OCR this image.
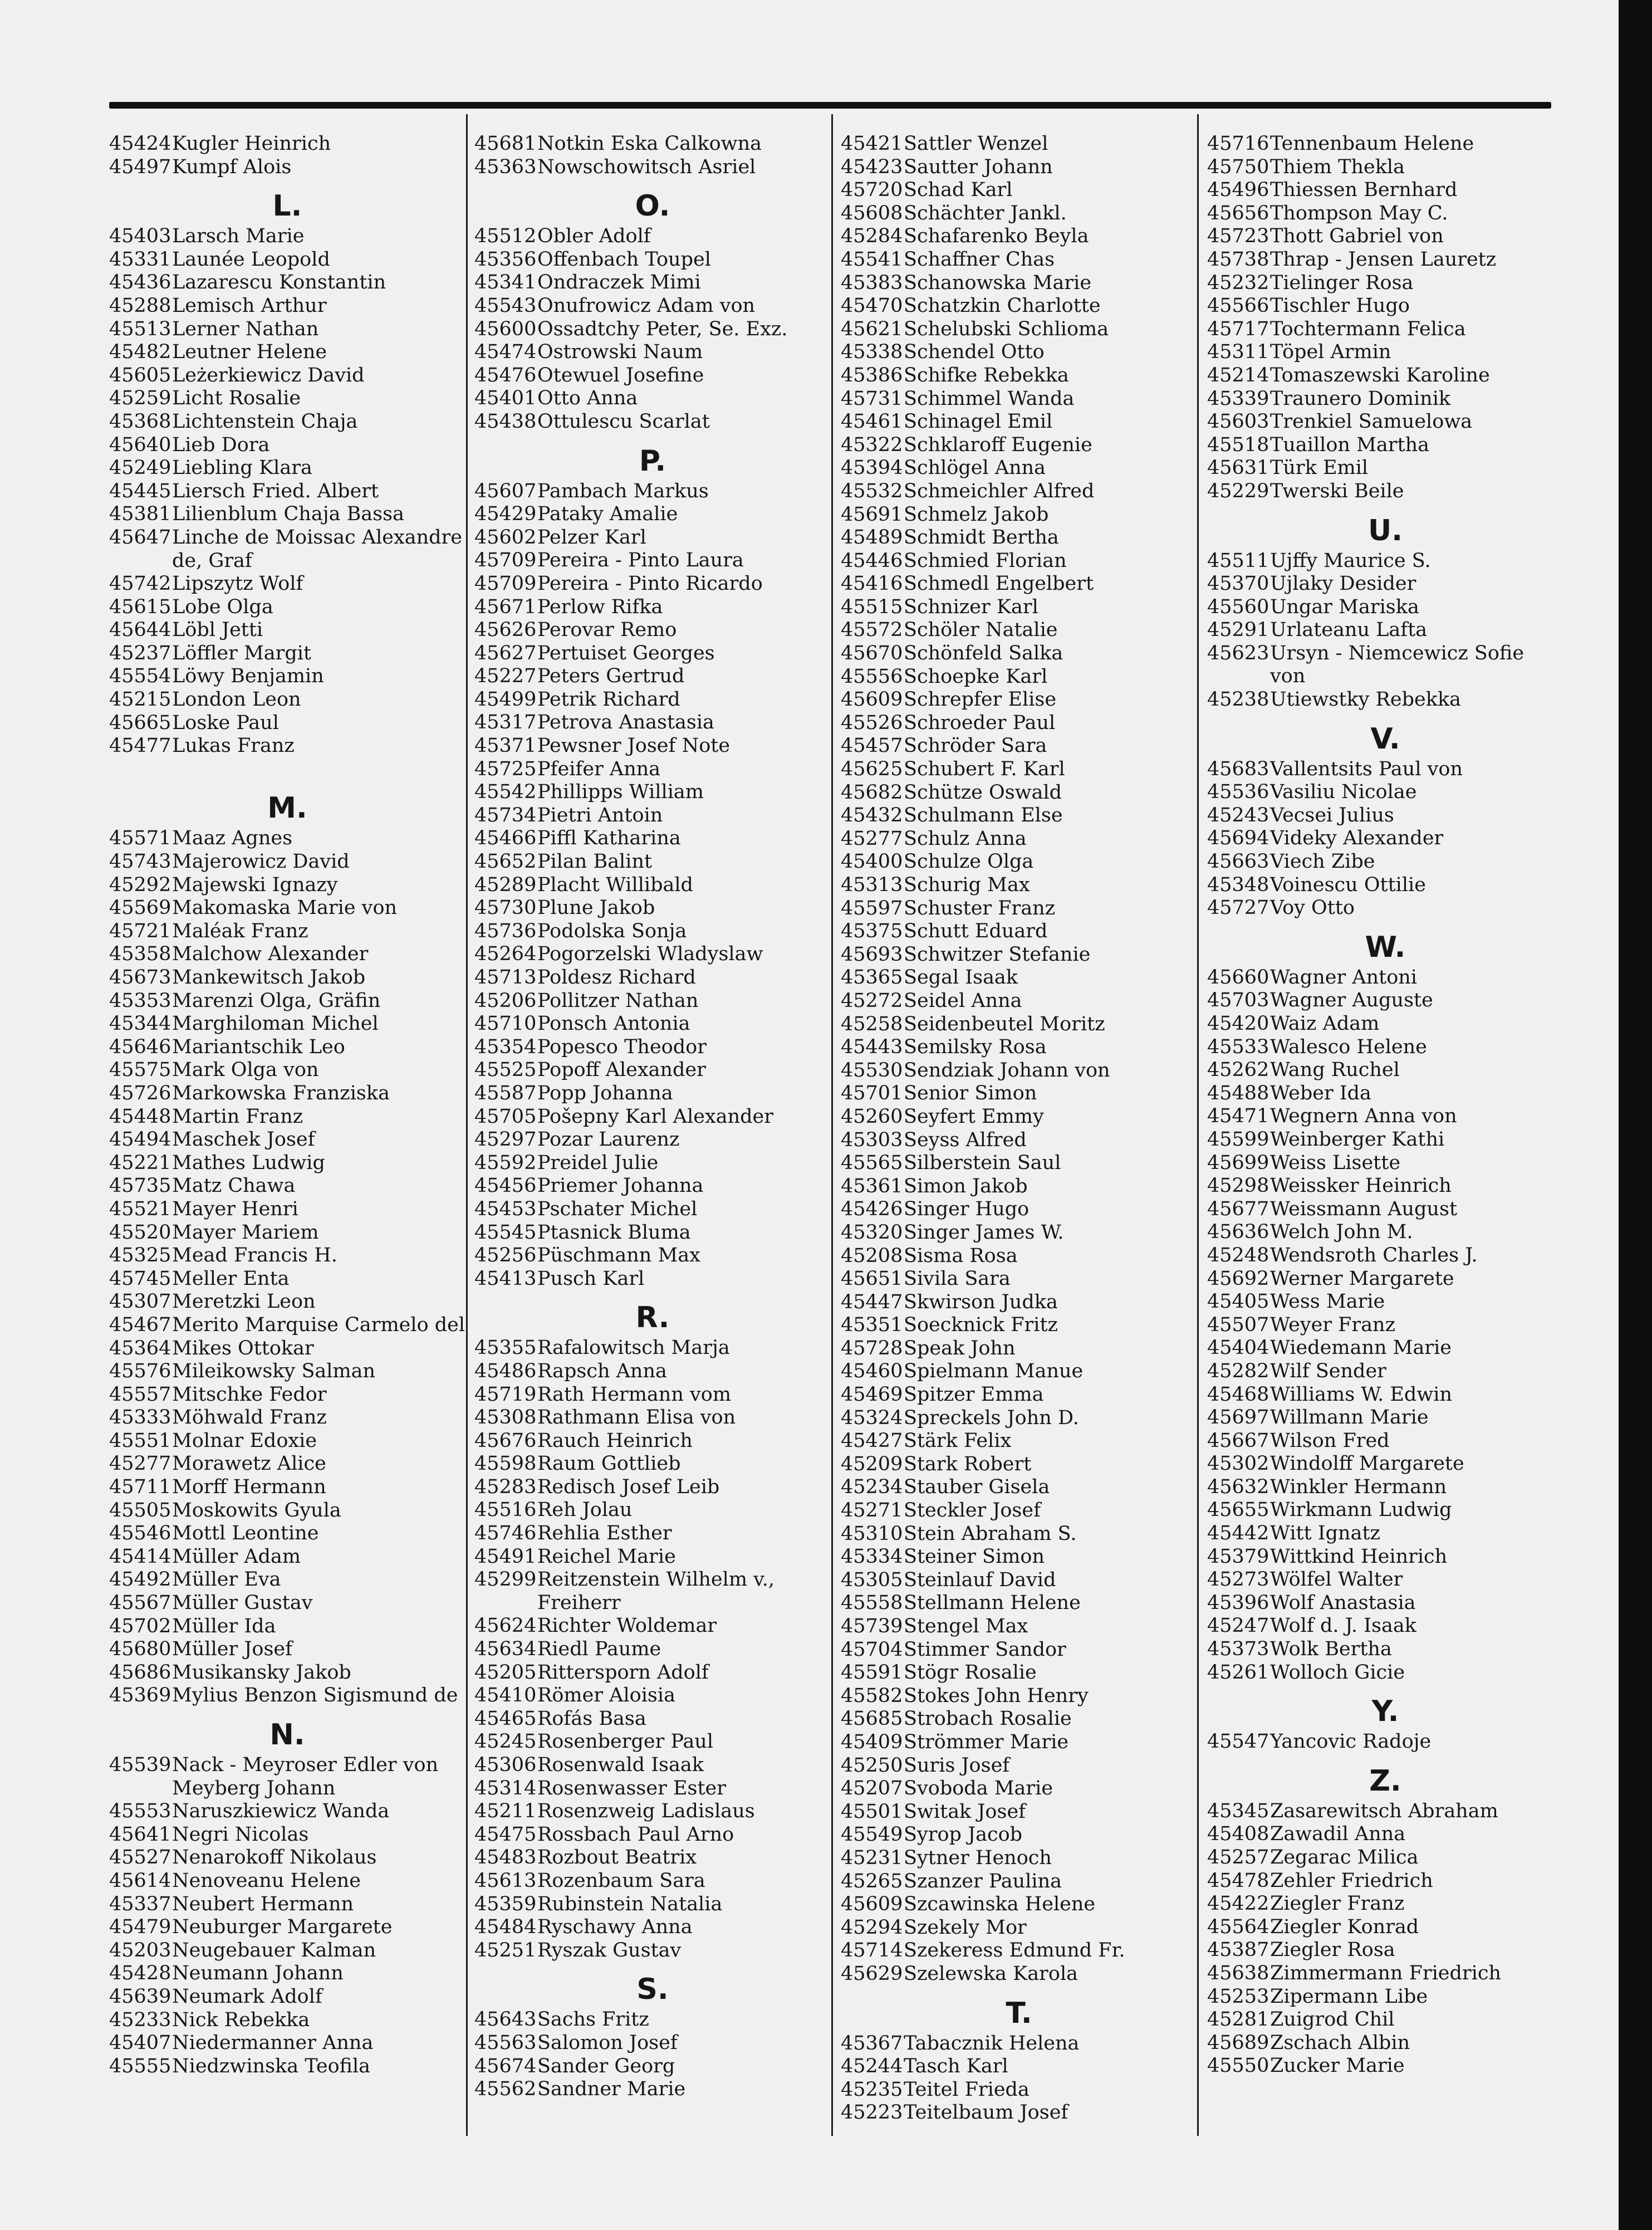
45424 Kugler Heinrich
45497 Kumpf Alois
L.
45403 Larsch Marie
45331 Launée Leopold
45436 Lazarescu Konstantin
45288 Lemisch Arthur
45513 Lerner Nathan
45482 Leutner Helene
45605 Leżerkiewicz David
45259 Licht Rosalie
45368 Lichtenstein Chaja
45640 Lieb Dora
45249 Liebling Klara
45445 Liersch Fried. Albert
45381 Lilienblum Chaja Bassa
45647 Linche de Moissac Alexandre de, Graf
45742 Lipszytz Wolf
45615 Lobe Olga
45644 Löbl Jetti
45237 Löffler Margit
45554 Löwy Benjamin
45215 London Leon
45665 Loske Paul
45477 Lukas Franz
M.
45571 Maaz Agnes
45743 Majerowicz David
45292 Majewski Ignazy
45569 Makomaska Marie von
45721 Maléak Franz
45358 Malchow Alexander
45673 Mankewitsch Jakob
45353 Marenzi Olga, Gräfin
45344 Marghiloman Michel
45646 Mariantschik Leo
45575 Mark Olga von
45726 Markowska Franziska
45448 Martin Franz
45494 Maschek Josef
45221 Mathes Ludwig
45735 Matz Chawa
45521 Mayer Henri
45520 Mayer Mariem
45325 Mead Francis H.
45745 Meller Enta
45307 Meretzki Leon
45467 Merito Marquise Carmelo del
45364 Mikes Ottokar
45576 Mileikowsky Salman
45557 Mitschke Fedor
45333 Möhwald Franz
45551 Molnar Edoxie
45277 Morawetz Alice
45711 Morff Hermann
45505 Moskowits Gyula
45546 Mottl Leontine
45414 Müller Adam
45492 Müller Eva
45567 Müller Gustav
45702 Müller Ida
45680 Müller Josef
45686 Musikansky Jakob
45369 Mylius Benzon Sigismund de
N.
45539 Nack - Meyroser Edler von Meyberg Johann
45553 Naruszkiewicz Wanda
45641 Negri Nicolas
45527 Nenarokoff Nikolaus
45614 Nenoveanu Helene
45337 Neubert Hermann
45479 Neuburger Margarete
45203 Neugebauer Kalman
45428 Neumann Johann
45639 Neumark Adolf
45233 Nick Rebekka
45407 Niedermanner Anna
45555 Niedzwinska Teofila
45681 Notkin Eska Calkowna
45363 Nowschowitsch Asriel
O.
45512 Obler Adolf
45356 Offenbach Toupel
45341 Ondraczek Mimi
45543 Onufrowicz Adam von
45600 Ossadtchy Peter, Se. Exz.
45474 Ostrowski Naum
45476 Otewuel Josefine
45401 Otto Anna
45438 Ottulescu Scarlat
P.
45607 Pambach Markus
45429 Pataky Amalie
45602 Pelzer Karl
45709 Pereira - Pinto Laura
45709 Pereira - Pinto Ricardo
45671 Perlow Rifka
45626 Perovar Remo
45627 Pertuiset Georges
45227 Peters Gertrud
45499 Petrik Richard
45317 Petrova Anastasia
45371 Pewsner Josef Note
45725 Pfeifer Anna
45542 Phillipps William
45734 Pietri Antoin
45466 Piffl Katharina
45652 Pilan Balint
45289 Placht Willibald
45730 Plune Jakob
45736 Podolska Sonja
45264 Pogorzelski Wladyslaw
45713 Poldesz Richard
45206 Pollitzer Nathan
45710 Ponsch Antonia
45354 Popesco Theodor
45525 Popoff Alexander
45587 Popp Johanna
45705 Pošepny Karl Alexander
45297 Pozar Laurenz
45592 Preidel Julie
45456 Priemer Johanna
45453 Pschater Michel
45545 Ptasnick Bluma
45256 Püschmann Max
45413 Pusch Karl
R.
45355 Rafalowitsch Marja
45486 Rapsch Anna
45719 Rath Hermann vom
45308 Rathmann Elisa von
45676 Rauch Heinrich
45598 Raum Gottlieb
45283 Redisch Josef Leib
45516 Reh Jolau
45746 Rehlia Esther
45491 Reichel Marie
45299 Reitzenstein Wilhelm v., Freiherr
45624 Richter Woldemar
45634 Riedl Paume
45205 Rittersporn Adolf
45410 Römer Aloisia
45465 Rofás Basa
45245 Rosenberger Paul
45306 Rosenwald Isaak
45314 Rosenwasser Ester
45211 Rosenzweig Ladislaus
45475 Rossbach Paul Arno
45483 Rozbout Beatrix
45613 Rozenbaum Sara
45359 Rubinstein Natalia
45484 Ryschawy Anna
45251 Ryszak Gustav
S.
45643 Sachs Fritz
45563 Salomon Josef
45674 Sander Georg
45562 Sandner Marie
45421 Sattler Wenzel
45423 Sautter Johann
45720 Schad Karl
45608 Schächter Jankl.
45284 Schafarenko Beyla
45541 Schaffner Chas
45383 Schanowska Marie
45470 Schatzkin Charlotte
45621 Schelubski Schlioma
45338 Schendel Otto
45386 Schifke Rebekka
45731 Schimmel Wanda
45461 Schinagel Emil
45322 Schklaroff Eugenie
45394 Schlögel Anna
45532 Schmeichler Alfred
45691 Schmelz Jakob
45489 Schmidt Bertha
45446 Schmied Florian
45416 Schmedl Engelbert
45515 Schnizer Karl
45572 Schöler Natalie
45670 Schönfeld Salka
45556 Schoepke Karl
45609 Schrepfer Elise
45526 Schroeder Paul
45457 Schröder Sara
45625 Schubert F. Karl
45682 Schütze Oswald
45432 Schulmann Else
45277 Schulz Anna
45400 Schulze Olga
45313 Schurig Max
45597 Schuster Franz
45375 Schutt Eduard
45693 Schwitzer Stefanie
45365 Segal Isaak
45272 Seidel Anna
45258 Seidenbeutel Moritz
45443 Semilsky Rosa
45530 Sendziak Johann von
45701 Senior Simon
45260 Seyfert Emmy
45303 Seyss Alfred
45565 Silberstein Saul
45361 Simon Jakob
45426 Singer Hugo
45320 Singer James W.
45208 Sisma Rosa
45651 Sivila Sara
45447 Skwirson Judka
45351 Soecknick Fritz
45728 Speak John
45460 Spielmann Manue
45469 Spitzer Emma
45324 Spreckels John D.
45427 Stärk Felix
45209 Stark Robert
45234 Stauber Gisela
45271 Steckler Josef
45310 Stein Abraham S.
45334 Steiner Simon
45305 Steinlauf David
45558 Stellmann Helene
45739 Stengel Max
45704 Stimmer Sandor
45591 Stögr Rosalie
45582 Stokes John Henry
45685 Strobach Rosalie
45409 Strömmer Marie
45250 Suris Josef
45207 Svoboda Marie
45501 Switak Josef
45549 Syrop Jacob
45231 Sytner Henoch
45265 Szanzer Paulina
45609 Szcawinska Helene
45294 Szekely Mor
45714 Szekeress Edmund Fr.
45629 Szelewska Karola
T.
45367 Tabacznik Helena
45244 Tasch Karl
45235 Teitel Frieda
45223 Teitelbaum Josef
45716 Tennenbaum Helene
45750 Thiem Thekla
45496 Thiessen Bernhard
45656 Thompson May C.
45723 Thott Gabriel von
45738 Thrap - Jensen Lauretz
45232 Tielinger Rosa
45566 Tischler Hugo
45717 Tochtermann Felica
45311 Töpel Armin
45214 Tomaszewski Karoline
45339 Traunero Dominik
45603 Trenkiel Samuelowa
45518 Tuaillon Martha
45631 Türk Emil
45229 Twerski Beile
U.
45511 Ujffy Maurice S.
45370 Ujlaky Desider
45560 Ungar Mariska
45291 Urlateanu Lafta
45623 Ursyn - Niemcewicz Sofie von
45238 Utiewstky Rebekka
V.
45683 Vallentsits Paul von
45536 Vasiliu Nicolae
45243 Vecsei Julius
45694 Videky Alexander
45663 Viech Zibe
45348 Voinescu Ottilie
45727 Voy Otto
W.
45660 Wagner Antoni
45703 Wagner Auguste
45420 Waiz Adam
45533 Walesco Helene
45262 Wang Ruchel
45488 Weber Ida
45471 Wegnern Anna von
45599 Weinberger Kathi
45699 Weiss Lisette
45298 Weissker Heinrich
45677 Weissmann August
45636 Welch John M.
45248 Wendsroth Charles J.
45692 Werner Margarete
45405 Wess Marie
45507 Weyer Franz
45404 Wiedemann Marie
45282 Wilf Sender
45468 Williams W. Edwin
45697 Willmann Marie
45667 Wilson Fred
45302 Windolff Margarete
45632 Winkler Hermann
45655 Wirkmann Ludwig
45442 Witt Ignatz
45379 Wittkind Heinrich
45273 Wölfel Walter
45396 Wolf Anastasia
45247 Wolf d. J. Isaak
45373 Wolk Bertha
45261 Wolloch Gicie
Y.
45547 Yancovic Radoje
Z.
45345 Zasarewitsch Abraham
45408 Zawadil Anna
45257 Zegarac Milica
45478 Zehler Friedrich
45422 Ziegler Franz
45564 Ziegler Konrad
45387 Ziegler Rosa
45638 Zimmermann Friedrich
45253 Zipermann Libe
45281 Zuigrod Chil
45689 Zschach Albin
45550 Zucker Marie
